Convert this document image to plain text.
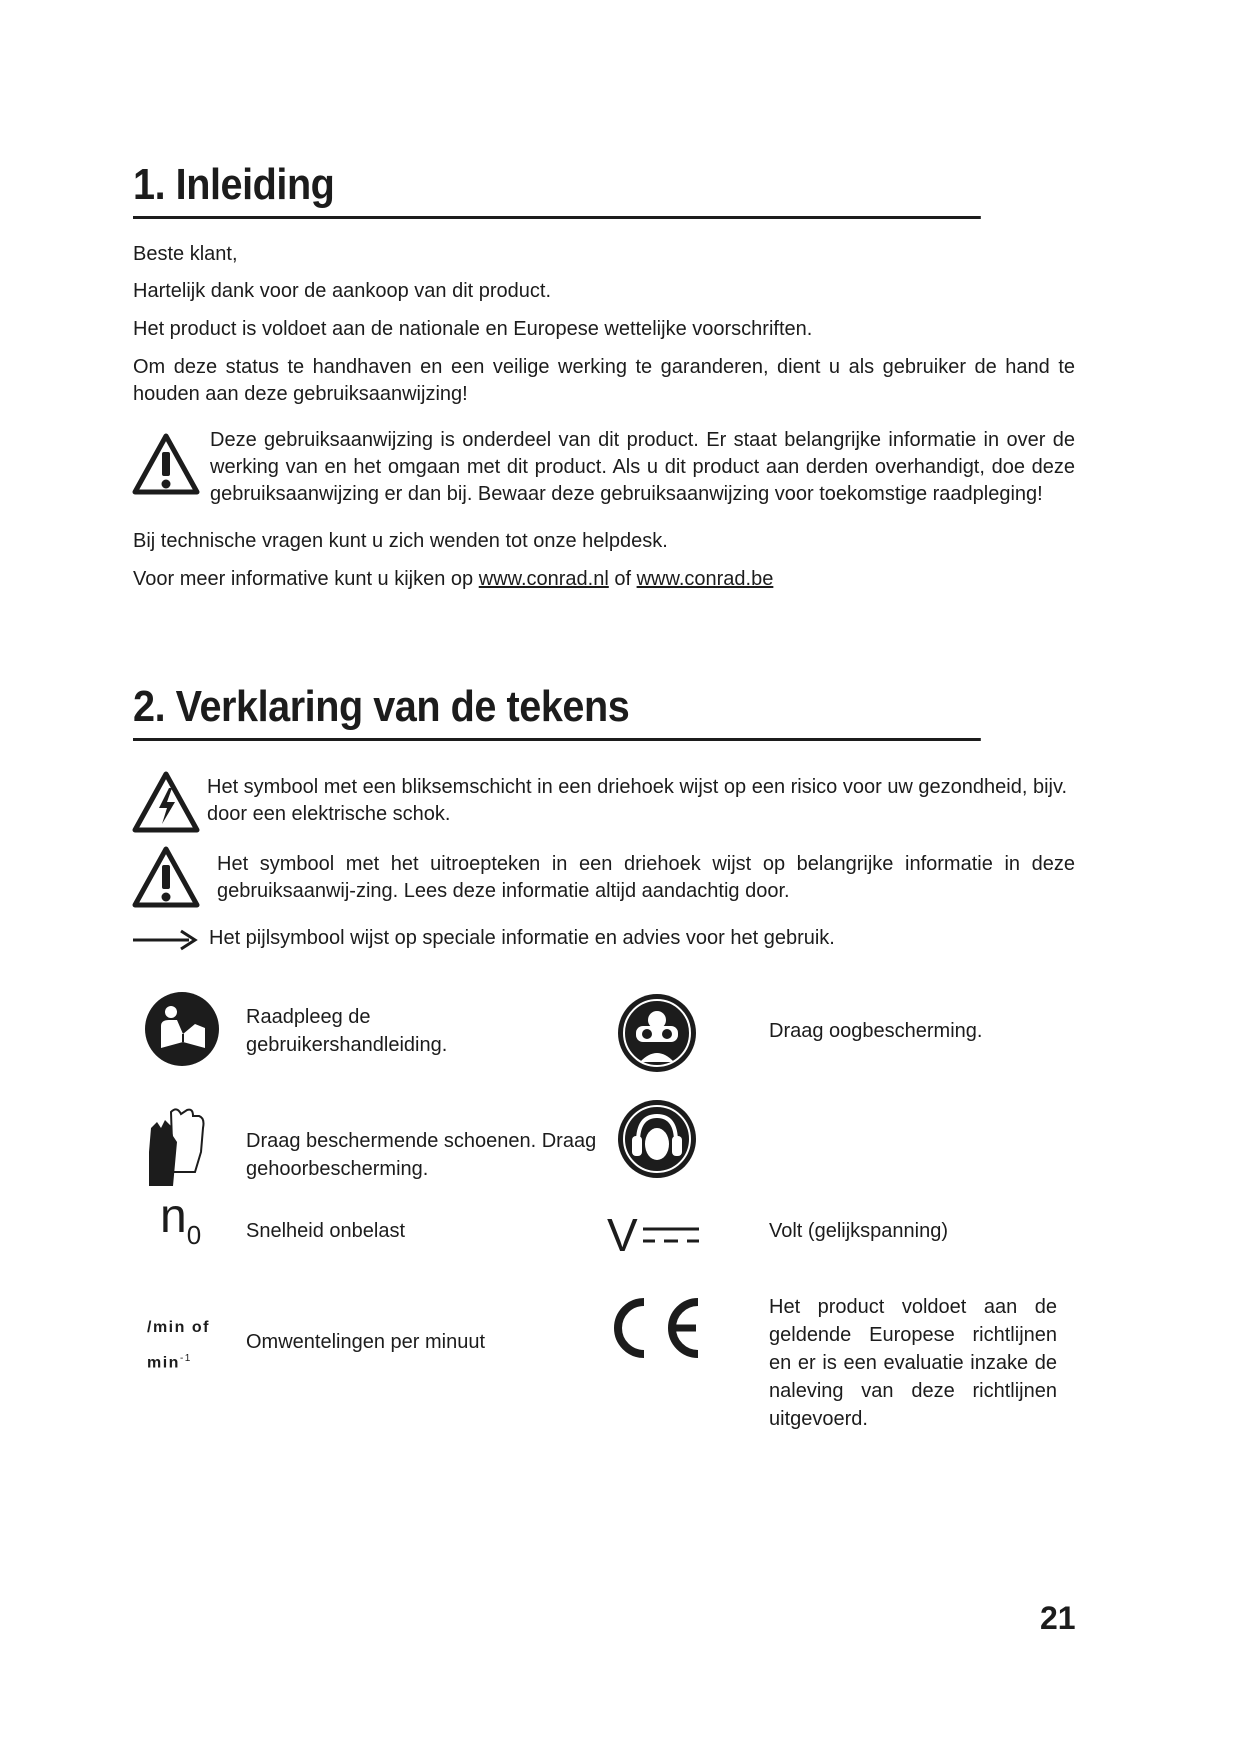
1. Inleiding
Beste klant,
Hartelijk dank voor de aankoop van dit product.
Het product is voldoet aan de nationale en Europese wettelijke voorschriften.
Om deze status te handhaven en een veilige werking te garanderen, dient u als gebruiker de hand te houden aan deze gebruiksaanwijzing!
Deze gebruiksaanwijzing is onderdeel van dit product. Er staat belangrijke informatie in over de werking van en het omgaan met dit product. Als u dit product aan derden overhandigt, doe deze gebruiksaanwijzing er dan bij. Bewaar deze gebruiksaanwijzing voor toekomstige raadpleging!
Bij technische vragen kunt u zich wenden tot onze helpdesk.
Voor meer informative kunt u kijken op www.conrad.nl of www.conrad.be
2. Verklaring van de tekens
Het symbool met een bliksemschicht in een driehoek wijst op een risico voor uw gezondheid, bijv. door een elektrische schok.
Het symbool met het uitroepteken in een driehoek wijst op belangrijke informatie in deze gebruiksaanwij-zing. Lees deze informatie altijd aandachtig door.
Het pijlsymbool wijst op speciale informatie en advies voor het gebruik.
Raadpleeg de gebruikershandleiding.
Draag oogbescherming.
Draag beschermende schoenen. Draag gehoorbescherming.
$n_0$ Snelheid onbelast	V	Volt (gelijkspanning)
/min of
$\min^{-1}$
Omwentelingen per minuut
Het product voldoet aan de geldende Europese richtlijnen en er is een evaluatie inzake de naleving van deze richtlijnen uitgevoerd.
21
